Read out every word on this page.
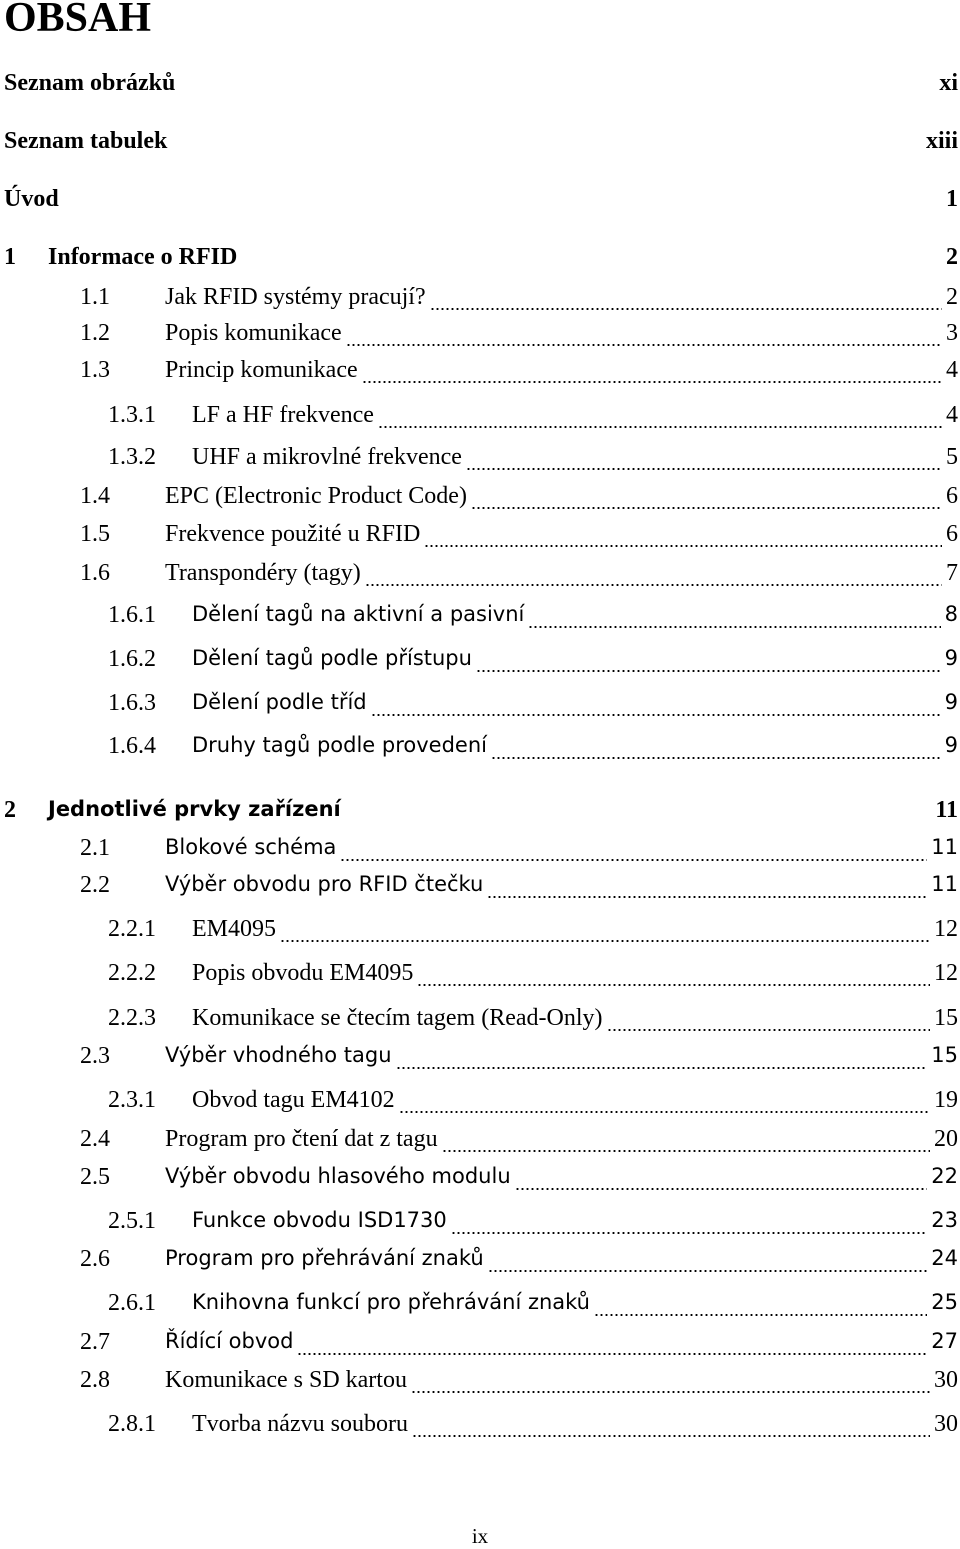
OBSAH
Seznam obrázků	xi
Seznam tabulek	xiii
Úvod	1
1 Informace o RFID	2
1.1 Jak RFID systémy pracují?	2
1.2 Popis komunikace	3
1.3 Princip komunikace	4
1.3.1 LF a HF frekvence	4
1.3.2 UHF a mikrovlné frekvence	5
1.4 EPC (Electronic Product Code)	6
1.5 Frekvence použité u RFID	6
1.6 Transpondéry (tagy)	7
1.6.1 Dělení tagů na aktivní a pasivní	8
1.6.2 Dělení tagů podle přístupu	9
1.6.3 Dělení podle tříd	9
1.6.4 Druhy tagů podle provedení	9
2 Jednotlivé prvky zařízení	11
2.1	Blokové schéma	11
2.2	Výběr obvodu pro RFID čtečku	11
2.2.1 EM4095	12
2.2.2 Popis obvodu EM4095	12
2.2.3 Komunikace se čtecím tagem (Read-Only)	15
2.3	Výběr vhodného tagu	15
2.3.1 Obvod tagu EM4102	19
2.4 Program pro čtení dat z tagu	20
2.5	Výběr obvodu hlasového modulu	22
2.5.1 Funkce obvodu ISD1730	23
2.6	Program pro přehrávání znaků	24
2.6.1 Knihovna funkcí pro přehrávání znaků	25
2.7	Řídící obvod	27
2.8 Komunikace s SD kartou	30
2.8.1 Tvorba názvu souboru	30
ix
